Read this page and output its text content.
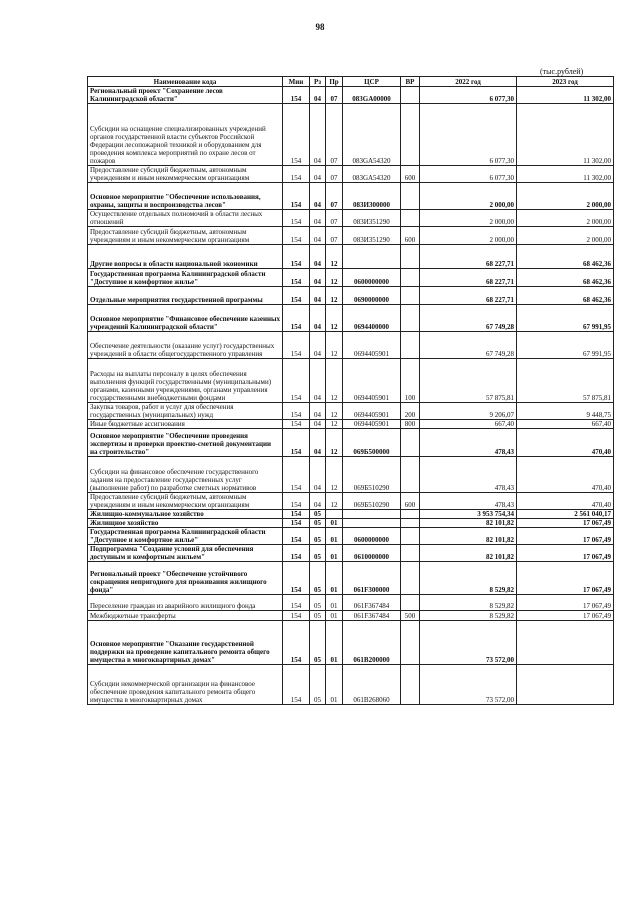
98
(тыс.рублей)
Наименование кода	Мин	Рз	Пр	ЦСР	ВР	2022 год	2023 год
Региональный проект "Сохранение лесов Калининградской области"	154	04	07	083GA00000		6 077,30	11 302,00
Субсидии на оснащение специализированных учреждений органов государственной власти субъектов Российской Федерации лесопожарной техникой и оборудованием для проведения комплекса мероприятий по охране лесов от пожаров	154	04	07	083GA54320		6 077,30	11 302,00
Предоставление субсидий бюджетным, автономным учреждениям и иным некоммерческим организациям	154	04	07	083GA54320	600	6 077,30	11 302,00
Основное мероприятие "Обеспечение использования, охраны, защиты и воспроизводства лесов"	154	04	07	083И300000		2 000,00	2 000,00
Осуществление отдельных полномочий в области лесных отношений	154	04	07	083И351290		2 000,00	2 000,00
Предоставление субсидий бюджетным, автономным учреждениям и иным некоммерческим организациям	154	04	07	083И351290	600	2 000,00	2 000,00
Другие вопросы в области национальной экономики	154	04	12			68 227,71	68 462,36
Государственная программа Калининградской области "Доступное и комфортное жилье"	154	04	12	0600000000		68 227,71	68 462,36
Отдельные мероприятия государственной программы	154	04	12	0690000000		68 227,71	68 462,36
Основное мероприятие "Финансовое обеспечение казенных учреждений Калининградской области"	154	04	12	0694400000		67 749,28	67 991,95
Обеспечение деятельности (оказание услуг) государственных учреждений в области общегосударственного управления	154	04	12	0694405901		67 749,28	67 991,95
Расходы на выплаты персоналу в целях обеспечения выполнения функций государственными (муниципальными) органами, казенными учреждениями, органами управления государственными внебюджетными фондами	154	04	12	0694405901	100	57 875,81	57 875,81
Закупка товаров, работ и услуг для обеспечения государственных (муниципальных) нужд	154	04	12	0694405901	200	9 206,07	9 448,75
Иные бюджетные ассигнования	154	04	12	0694405901	800	667,40	667,40
Основное мероприятие "Обеспечение проведения экспертизы и проверки проектно-сметной документации на строительство"	154	04	12	069Б500000		478,43	470,40
Субсидии на финансовое обеспечение государственного задания на предоставление государственных услуг (выполнение работ) по разработке сметных нормативов	154	04	12	069Б510290		478,43	470,40
Предоставление субсидий бюджетным, автономным учреждениям и иным некоммерческим организациям	154	04	12	069Б510290	600	478,43	470,40
Жилищно-коммунальное хозяйство	154	05				3 953 754,34	2 561 040,17
Жилищное хозяйство	154	05	01			82 101,82	17 067,49
Государственная программа Калининградской области "Доступное и комфортное жилье"	154	05	01	0600000000		82 101,82	17 067,49
Подпрограмма "Создание условий для обеспечения доступным и комфортным жильем"	154	05	01	0610000000		82 101,82	17 067,49
Региональный проект "Обеспечение устойчивого сокращения непригодного для проживания жилищного фонда"	154	05	01	061F300000		8 529,82	17 067,49
Переселение граждан из аварийного жилищного фонда	154	05	01	061F367484		8 529,82	17 067,49
Межбюджетные трансферты	154	05	01	061F367484	500	8 529,82	17 067,49
Основное мероприятие "Оказание государственной поддержки на проведение капитального ремонта общего имущества в многоквартирных домах"	154	05	01	061B200000		73 572,00	
Субсидии некоммерческой организации на финансовое обеспечение проведения капитального ремонта общего имущества в многоквартирных домах	154	05	01	061B268060		73 572,00	
